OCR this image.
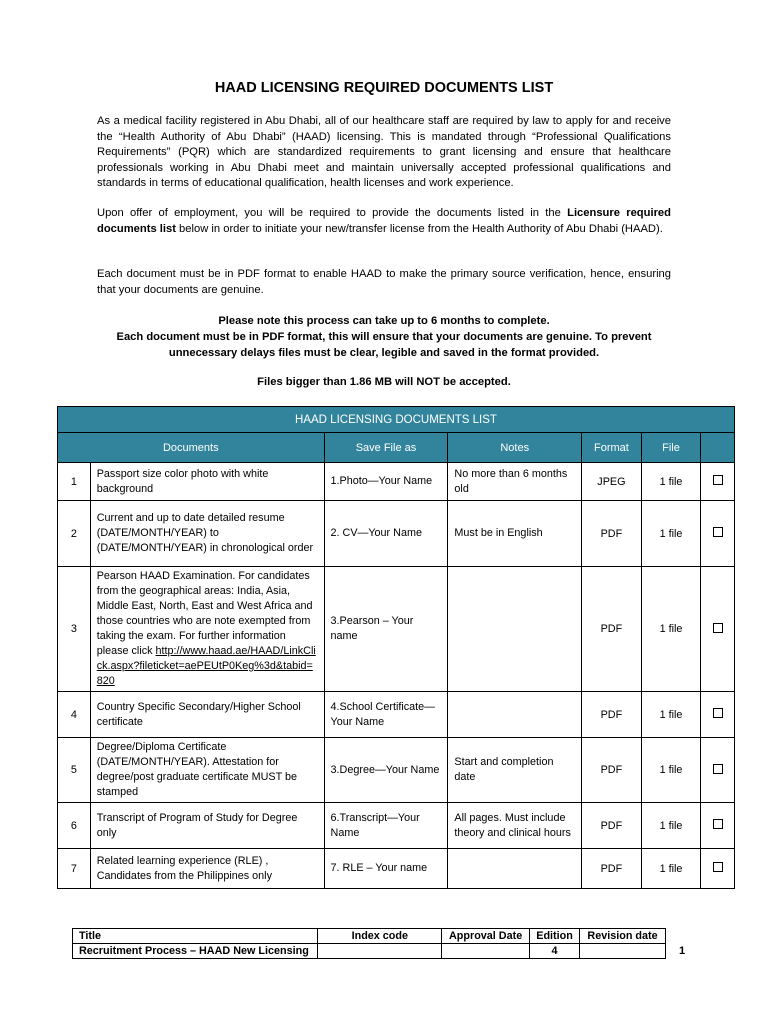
HAAD LICENSING REQUIRED DOCUMENTS LIST

As a medical facility registered in Abu Dhabi, all of our healthcare staff are required by law to apply for and receive the “Health Authority of Abu Dhabi” (HAAD) licensing. This is mandated through “Professional Qualifications Requirements” (PQR) which are standardized requirements to grant licensing and ensure that healthcare professionals working in Abu Dhabi meet and maintain universally accepted professional qualifications and standards in terms of educational qualification, health licenses and work experience.

Upon offer of employment, you will be required to provide the documents listed in the Licensure required documents list below in order to initiate your new/transfer license from the Health Authority of Abu Dhabi (HAAD).

Each document must be in PDF format to enable HAAD to make the primary source verification, hence, ensuring that your documents are genuine.

Please note this process can take up to 6 months to complete.

Each document must be in PDF format, this will ensure that your documents are genuine. To prevent unnecessary delays files must be clear, legible and saved in the format provided.

Files bigger than 1.86 MB will NOT be accepted.

HAAD LICENSING DOCUMENTS LIST						
Documents		Save File as	Notes	Format	File	
1	Passport size color photo with white background	1.Photo—Your Name	No more than 6 months old	JPEG	1 file	
2	Current and up to date detailed resume (DATE/MONTH/YEAR) to (DATE/MONTH/YEAR) in chronological order	2. CV—Your Name	Must be in English	PDF	1 file	
3	Pearson HAAD Examination. For candidates from the geographical areas: India, Asia, Middle East, North, East and West Africa and those countries who are note exempted from taking the exam. For further information please click http://www.haad.ae/HAAD/LinkClick.aspx?fileticket=aePEUtP0Keg%3d&tabid=820	3.Pearson – Your name		PDF	1 file	
4	Country Specific Secondary/Higher School certificate	4.School Certificate—Your Name		PDF	1 file	
5	Degree/Diploma Certificate (DATE/MONTH/YEAR). Attestation for degree/post graduate certificate MUST be stamped	3.Degree—Your Name	Start and completion date	PDF	1 file	
6	Transcript of Program of Study for Degree only	6.Transcript—Your Name	All pages. Must include theory and clinical hours	PDF	1 file	
7	Related learning experience (RLE) , Candidates from the Philippines only	7. RLE – Your name		PDF	1 file	
Title	Index code	Approval Date	Edition	Revision date
Recruitment Process – HAAD New Licensing			4		1
